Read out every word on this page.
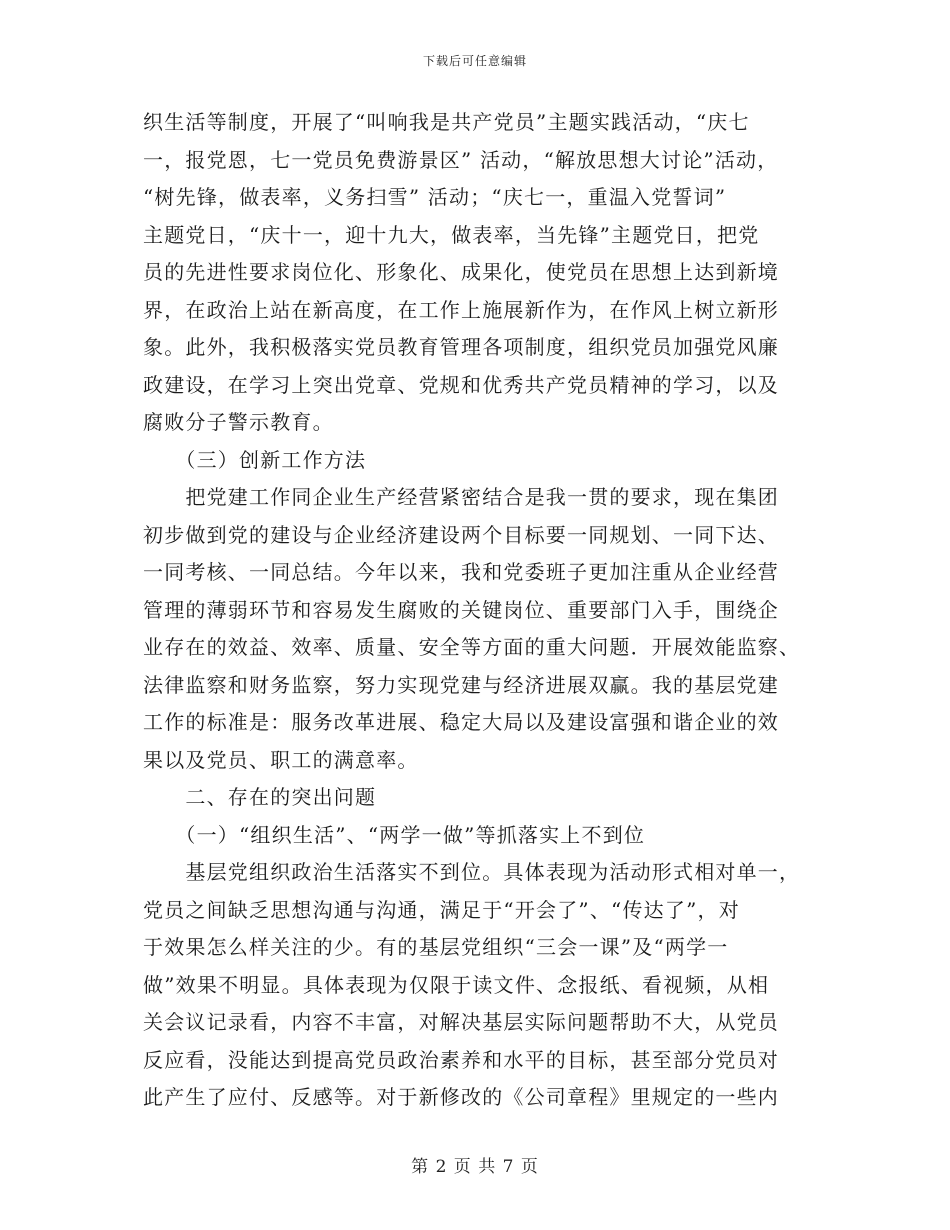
下载后可任意编辑
织生活等制度，开展了“叫响我是共产党员”主题实践活动，“庆七
一，报党恩，七一党员免费游景区” 活动，“解放思想大讨论”活动，
“树先锋，做表率，义务扫雪” 活动；“庆七一，重温入党誓词”
主题党日，“庆十一，迎十九大，做表率，当先锋”主题党日，把党
员的先进性要求岗位化、形象化、成果化，使党员在思想上达到新境
界，在政治上站在新高度，在工作上施展新作为，在作风上树立新形
象。此外，我积极落实党员教育管理各项制度，组织党员加强党风廉
政建设，在学习上突出党章、党规和优秀共产党员精神的学习，以及
腐败分子警示教育。
　　（三）创新工作方法
　　把党建工作同企业生产经营紧密结合是我一贯的要求，现在集团
初步做到党的建设与企业经济建设两个目标要一同规划、一同下达、
一同考核、一同总结。今年以来，我和党委班子更加注重从企业经营
管理的薄弱环节和容易发生腐败的关键岗位、重要部门入手，围绕企
业存在的效益、效率、质量、安全等方面的重大问题．开展效能监察、
法律监察和财务监察，努力实现党建与经济进展双赢。我的基层党建
工作的标准是：服务改革进展、稳定大局以及建设富强和谐企业的效
果以及党员、职工的满意率。
　　二、存在的突出问题
　　（一）“组织生活”、“两学一做”等抓落实上不到位
　　基层党组织政治生活落实不到位。具体表现为活动形式相对单一，
党员之间缺乏思想沟通与沟通，满足于“开会了”、“传达了”，对
于效果怎么样关注的少。有的基层党组织“三会一课”及“两学一
做”效果不明显。具体表现为仅限于读文件、念报纸、看视频，从相
关会议记录看，内容不丰富，对解决基层实际问题帮助不大，从党员
反应看，没能达到提高党员政治素养和水平的目标，甚至部分党员对
此产生了应付、反感等。对于新修改的《公司章程》里规定的一些内
第 2 页 共 7 页
